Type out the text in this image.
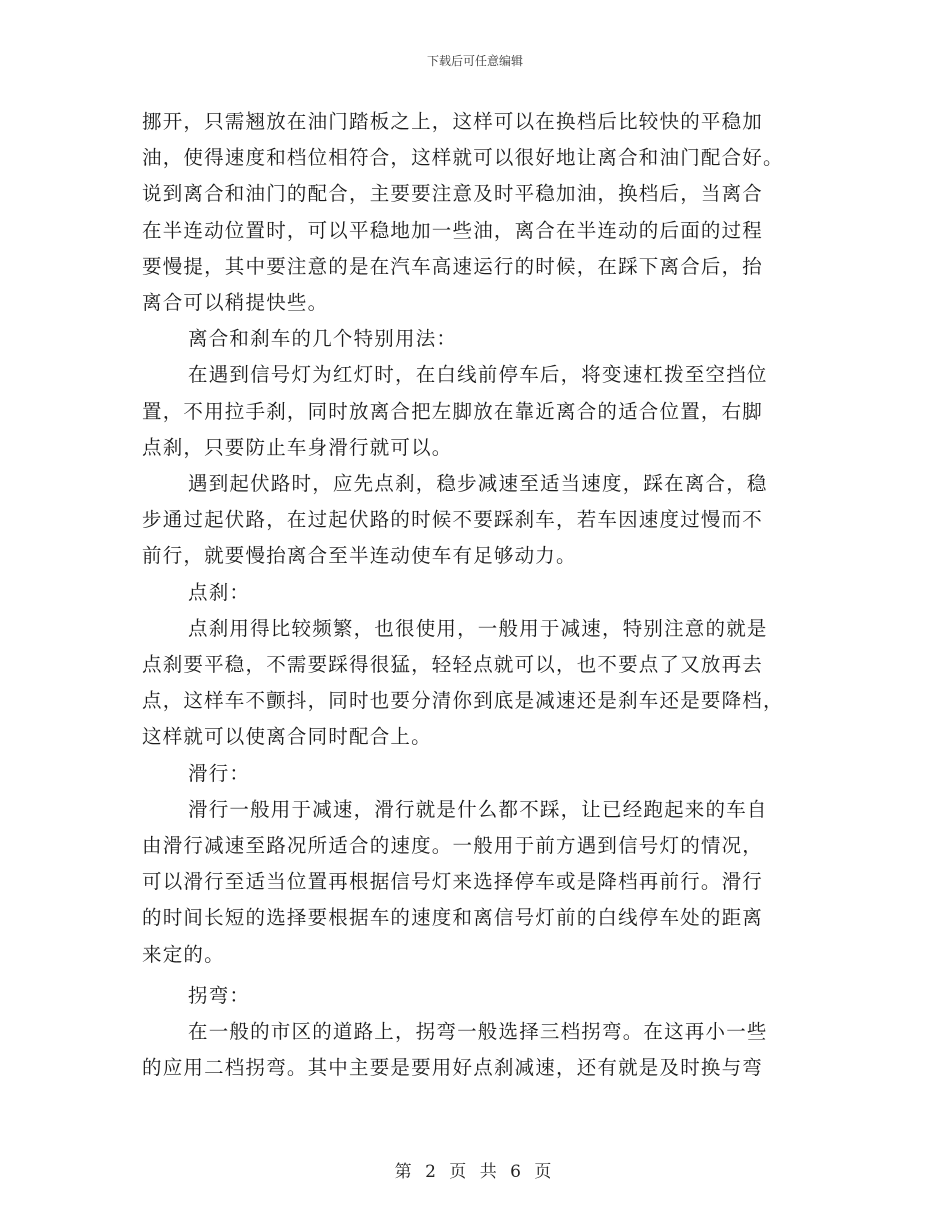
下载后可任意编辑
挪开，只需翘放在油门踏板之上，这样可以在换档后比较快的平稳加
油，使得速度和档位相符合，这样就可以很好地让离合和油门配合好。
说到离合和油门的配合，主要要注意及时平稳加油，换档后，当离合
在半连动位置时，可以平稳地加一些油，离合在半连动的后面的过程
要慢提，其中要注意的是在汽车高速运行的时候，在踩下离合后，抬
离合可以稍提快些。
离合和刹车的几个特别用法：
在遇到信号灯为红灯时，在白线前停车后，将变速杠拨至空挡位
置，不用拉手刹，同时放离合把左脚放在靠近离合的适合位置，右脚
点刹，只要防止车身滑行就可以。
遇到起伏路时，应先点刹，稳步减速至适当速度，踩在离合，稳
步通过起伏路，在过起伏路的时候不要踩刹车，若车因速度过慢而不
前行，就要慢抬离合至半连动使车有足够动力。
点刹：
点刹用得比较频繁，也很使用，一般用于减速，特别注意的就是
点刹要平稳，不需要踩得很猛，轻轻点就可以，也不要点了又放再去
点，这样车不颤抖，同时也要分清你到底是减速还是刹车还是要降档，
这样就可以使离合同时配合上。
滑行：
滑行一般用于减速，滑行就是什么都不踩，让已经跑起来的车自
由滑行减速至路况所适合的速度。一般用于前方遇到信号灯的情况，
可以滑行至适当位置再根据信号灯来选择停车或是降档再前行。滑行
的时间长短的选择要根据车的速度和离信号灯前的白线停车处的距离
来定的。
拐弯：
在一般的市区的道路上，拐弯一般选择三档拐弯。在这再小一些
的应用二档拐弯。其中主要是要用好点刹减速，还有就是及时换与弯
第 2 页 共 6 页
